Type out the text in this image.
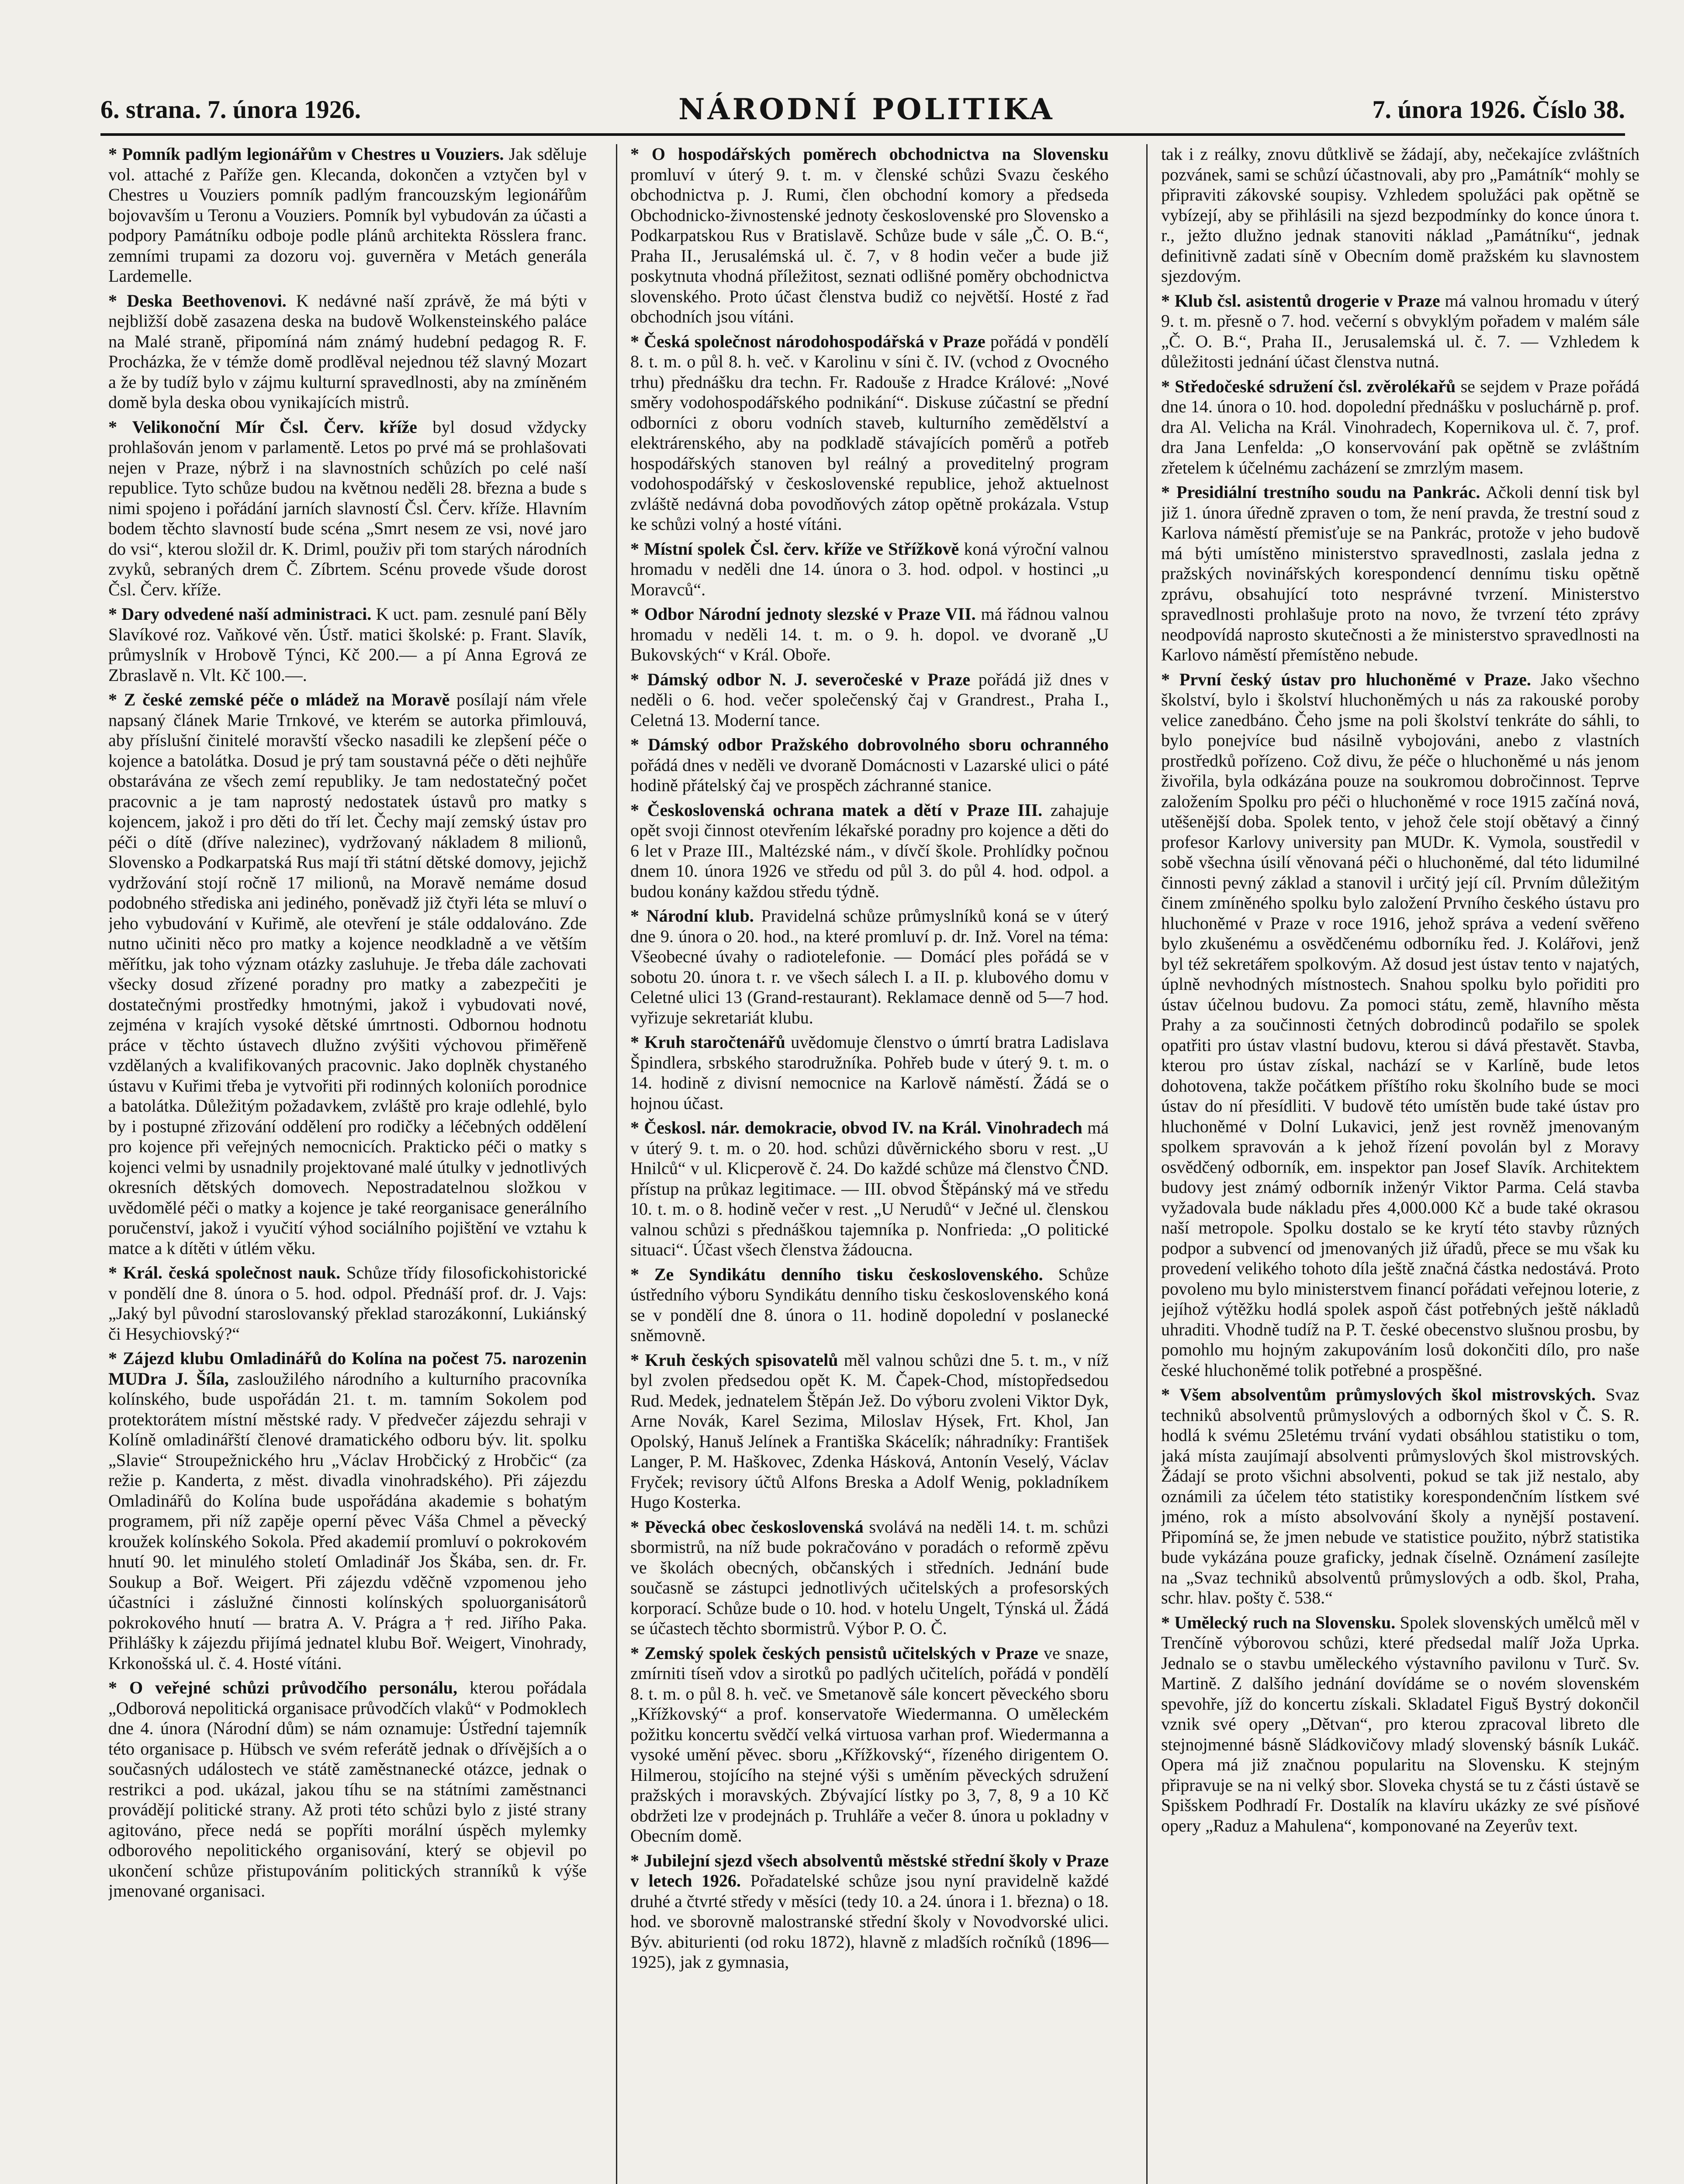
6. strana. 7. února 1926.	NÁRODNÍ POLITIKA	7. února 1926. Číslo 38.

* Pomník padlým legionářům v Chestres u Vouziers. Jak sděluje vol. attaché z Paříže gen. Klecanda, dokončen a vztyčen byl v Chestres u Vouziers pomník padlým francouzským legionářům bojovavším u Teronu a Vouziers. Pomník byl vybudován za účasti a podpory Památníku odboje podle plánů architekta Rösslera franc. zemními trupami za dozoru voj. guverněra v Metách generála Lardemelle.

* Deska Beethovenovi. K nedávné naší zprávě, že má býti v nejbližší době zasazena deska na budově Wolkensteinského paláce na Malé straně, připomíná nám známý hudební pedagog R. F. Procházka, že v témže domě prodlěval nejednou též slavný Mozart a že by tudíž bylo v zájmu kulturní spravedlnosti, aby na zmíněném domě byla deska obou vynikajících mistrů.

* Velikonoční Mír Čsl. Červ. kříže byl dosud vždycky prohlašován jenom v parlamentě. Letos po prvé má se prohlašovati nejen v Praze, nýbrž i na slavnostních schůzích po celé naší republice. Tyto schůze budou na květnou neděli 28. března a bude s nimi spojeno i pořádání jarních slavností Čsl. Červ. kříže. Hlavním bodem těchto slavností bude scéna „Smrt nesem ze vsi, nové jaro do vsi“, kterou složil dr. K. Driml, použiv při tom starých národních zvyků, sebraných drem Č. Zíbrtem. Scénu provede všude dorost Čsl. Červ. kříže.

* Dary odvedené naší administraci. K uct. pam. zesnulé paní Běly Slavíkové roz. Vaňkové věn. Ústř. matici školské: p. Frant. Slavík, průmyslník v Hrobově Týnci, Kč 200.— a pí Anna Egrová ze Zbraslavě n. Vlt. Kč 100.—.

* Z české zemské péče o mládež na Moravě posílají nám vřele napsaný článek Marie Trnkové, ve kterém se autorka přimlouvá, aby příslušní činitelé moravští všecko nasadili ke zlepšení péče o kojence a batolátka. Dosud je prý tam soustavná péče o děti nejhůře obstarávána ze všech zemí republiky. Je tam nedostatečný počet pracovnic a je tam naprostý nedostatek ústavů pro matky s kojencem, jakož i pro děti do tří let. Čechy mají zemský ústav pro péči o dítě (dříve nalezinec), vydržovaný nákladem 8 milionů, Slovensko a Podkarpatská Rus mají tři státní dětské domovy, jejichž vydržování stojí ročně 17 milionů, na Moravě nemáme dosud podobného střediska ani jediného, poněvadž již čtyři léta se mluví o jeho vybudování v Kuřimě, ale otevření je stále oddalováno. Zde nutno učiniti něco pro matky a kojence neodkladně a ve větším měřítku, jak toho význam otázky zasluhuje. Je třeba dále zachovati všecky dosud zřízené poradny pro matky a zabezpečiti je dostatečnými prostředky hmotnými, jakož i vybudovati nové, zejména v krajích vysoké dětské úmrtnosti. Odbornou hodnotu práce v těchto ústavech dlužno zvýšiti výchovou přiměřeně vzdělaných a kvalifikovaných pracovnic. Jako doplněk chystaného ústavu v Kuřimi třeba je vytvořiti při rodinných koloniích porodnice a batolátka. Důležitým požadavkem, zvláště pro kraje odlehlé, bylo by i postupné zřizování oddělení pro rodičky a léčebných oddělení pro kojence při veřejných nemocnicích. Prakticko péči o matky s kojenci velmi by usnadnily projektované malé útulky v jednotlivých okresních dětských domovech. Nepostradatelnou složkou v uvědomělé péči o matky a kojence je také reorganisace generálního poručenství, jakož i vyučití výhod sociálního pojištění ve vztahu k matce a k dítěti v útlém věku.

* Král. česká společnost nauk. Schůze třídy filosofickohistorické v pondělí dne 8. února o 5. hod. odpol. Přednáší prof. dr. J. Vajs: „Jaký byl původní staroslovanský překlad starozákonní, Lukiánský či Hesychiovský?“

* Zájezd klubu Omladinářů do Kolína na počest 75. narozenin MUDra J. Šíla, zasloužilého národního a kulturního pracovníka kolínského, bude uspořádán 21. t. m. tamním Sokolem pod protektorátem místní městské rady. V předvečer zájezdu sehraji v Kolíně omladinářští členové dramatického odboru býv. lit. spolku „Slavie“ Stroupežnického hru „Václav Hrobčický z Hrobčic“ (za režie p. Kanderta, z měst. divadla vinohradského). Při zájezdu Omladinářů do Kolína bude uspořádána akademie s bohatým programem, při níž zapěje operní pěvec Váša Chmel a pěvecký kroužek kolínského Sokola. Před akademií promluví o pokrokovém hnutí 90. let minulého století Omladinář Jos Škába, sen. dr. Fr. Soukup a Boř. Weigert. Při zájezdu vděčně vzpomenou jeho účastníci i záslužné činnosti kolínských spoluorganisátorů pokrokového hnutí — bratra A. V. Prágra a † red. Jiřího Paka. Přihlášky k zájezdu přijímá jednatel klubu Boř. Weigert, Vinohrady, Krkonošská ul. č. 4. Hosté vítáni.

* O veřejné schůzi průvodčího personálu, kterou pořádala „Odborová nepolitická organisace průvodčích vlaků“ v Podmoklech dne 4. února (Národní dům) se nám oznamuje: Ústřední tajemník této organisace p. Hübsch ve svém referátě jednak o dřívějších a o současných událostech ve státě zaměstnanecké otázce, jednak o restrikci a pod. ukázal, jakou tíhu se na státními zaměstnanci provádějí politické strany. Až proti této schůzi bylo z jisté strany agitováno, přece nedá se popříti morální úspěch mylemky odborového nepolitického organisování, který se objevil po ukončení schůze přistupováním politických stranníků k výše jmenované organisaci.

* O hospodářských poměrech obchodnictva na Slovensku promluví v úterý 9. t. m. v členské schůzi Svazu českého obchodnictva p. J. Rumi, člen obchodní komory a předseda Obchodnicko-živnostenské jednoty československé pro Slovensko a Podkarpatskou Rus v Bratislavě. Schůze bude v sále „Č. O. B.“, Praha II., Jerusalémská ul. č. 7, v 8 hodin večer a bude již poskytnuta vhodná příležitost, seznati odlišné poměry obchodnictva slovenského. Proto účast členstva budiž co největší. Hosté z řad obchodních jsou vítáni.

* Česká společnost národohospodářská v Praze pořádá v pondělí 8. t. m. o půl 8. h. več. v Karolinu v síni č. IV. (vchod z Ovocného trhu) přednášku dra techn. Fr. Radouše z Hradce Králové: „Nové směry vodohospodářského podnikání“. Diskuse zúčastní se přední odborníci z oboru vodních staveb, kulturního zemědělství a elektrárenského, aby na podkladě stávajících poměrů a potřeb hospodářských stanoven byl reálný a proveditelný program vodohospodářský v československé republice, jehož aktuelnost zvláště nedávná doba povodňových zátop opětně prokázala. Vstup ke schůzi volný a hosté vítáni.

* Místní spolek Čsl. červ. kříže ve Střížkově koná výroční valnou hromadu v neděli dne 14. února o 3. hod. odpol. v hostinci „u Moravců“.

* Odbor Národní jednoty slezské v Praze VII. má řádnou valnou hromadu v neděli 14. t. m. o 9. h. dopol. ve dvoraně „U Bukovských“ v Král. Oboře.

* Dámský odbor N. J. severočeské v Praze pořádá již dnes v neděli o 6. hod. večer společenský čaj v Grandrest., Praha I., Celetná 13. Moderní tance.

* Dámský odbor Pražského dobrovolného sboru ochranného pořádá dnes v neděli ve dvoraně Domácnosti v Lazarské ulici o páté hodině přátelský čaj ve prospěch záchranné stanice.

* Československá ochrana matek a dětí v Praze III. zahajuje opět svoji činnost otevřením lékařské poradny pro kojence a děti do 6 let v Praze III., Maltézské nám., v dívčí škole. Prohlídky počnou dnem 10. února 1926 ve středu od půl 3. do půl 4. hod. odpol. a budou konány každou středu týdně.

* Národní klub. Pravidelná schůze průmyslníků koná se v úterý dne 9. února o 20. hod., na které promluví p. dr. Inž. Vorel na téma: Všeobecné úvahy o radiotelefonie. — Domácí ples pořádá se v sobotu 20. února t. r. ve všech sálech I. a II. p. klubového domu v Celetné ulici 13 (Grand-restaurant). Reklamace denně od 5—7 hod. vyřizuje sekretariát klubu.

* Kruh staročtenářů uvědomuje členstvo o úmrtí bratra Ladislava Špindlera, srbského starodružníka. Pohřeb bude v úterý 9. t. m. o 14. hodině z divisní nemocnice na Karlově náměstí. Žádá se o hojnou účast.

* Českosl. nár. demokracie, obvod IV. na Král. Vinohradech má v úterý 9. t. m. o 20. hod. schůzi důvěrnického sboru v rest. „U Hnilců“ v ul. Klicperově č. 24. Do každé schůze má členstvo ČND. přístup na průkaz legitimace. — III. obvod Štěpánský má ve středu 10. t. m. o 8. hodině večer v rest. „U Nerudů“ v Ječné ul. členskou valnou schůzi s přednáškou tajemníka p. Nonfrieda: „O politické situaci“. Účast všech členstva žádoucna.

* Ze Syndikátu denního tisku československého. Schůze ústředního výboru Syndikátu denního tisku československého koná se v pondělí dne 8. února o 11. hodině dopolední v poslanecké sněmovně.

* Kruh českých spisovatelů měl valnou schůzi dne 5. t. m., v níž byl zvolen předsedou opět K. M. Čapek-Chod, místopředsedou Rud. Medek, jednatelem Štěpán Jež. Do výboru zvoleni Viktor Dyk, Arne Novák, Karel Sezima, Miloslav Hýsek, Frt. Khol, Jan Opolský, Hanuš Jelínek a Františka Skácelík; náhradníky: František Langer, P. M. Haškovec, Zdenka Hásková, Antonín Veselý, Václav Fryček; revisory účtů Alfons Breska a Adolf Wenig, pokladníkem Hugo Kosterka.

* Pěvecká obec československá svolává na neděli 14. t. m. schůzi sbormistrů, na níž bude pokračováno v poradách o reformě zpěvu ve školách obecných, občanských i středních. Jednání bude současně se zástupci jednotlivých učitelských a profesorských korporací. Schůze bude o 10. hod. v hotelu Ungelt, Týnská ul. Žádá se účastech těchto sbormistrů. Výbor P. O. Č.

* Zemský spolek českých pensistů učitelských v Praze ve snaze, zmírniti tíseň vdov a sirotků po padlých učitelích, pořádá v pondělí 8. t. m. o půl 8. h. več. ve Smetanově sále koncert pěveckého sboru „Křížkovský“ a prof. konservatoře Wiedermanna. O uměleckém požitku koncertu svědčí velká virtuosa varhan prof. Wiedermanna a vysoké umění pěvec. sboru „Křížkovský“, řízeného dirigentem O. Hilmerou, stojícího na stejné výši s uměním pěveckých sdružení pražských i moravských. Zbývající lístky po 3, 7, 8, 9 a 10 Kč obdržeti lze v prodejnách p. Truhláře a večer 8. února u pokladny v Obecním domě.

* Jubilejní sjezd všech absolventů městské střední školy v Praze v letech 1926. Pořadatelské schůze jsou nyní pravidelně každé druhé a čtvrté středy v měsíci (tedy 10. a 24. února i 1. března) o 18. hod. ve sborovně malostranské střední školy v Novodvorské ulici. Býv. abiturienti (od roku 1872), hlavně z mladších ročníků (1896—1925), jak z gymnasia,

tak i z reálky, znovu důtklivě se žádají, aby, nečekajíce zvláštních pozvánek, sami se schůzí účastnovali, aby pro „Památník“ mohly se připraviti zákovské soupisy. Vzhledem spolužáci pak opětně se vybízejí, aby se přihlásili na sjezd bezpodmínky do konce února t. r., ježto dlužno jednak stanoviti náklad „Památníku“, jednak definitivně zadati síně v Obecním domě pražském ku slavnostem sjezdovým.

* Klub čsl. asistentů drogerie v Praze má valnou hromadu v úterý 9. t. m. přesně o 7. hod. večerní s obvyklým pořadem v malém sále „Č. O. B.“, Praha II., Jerusalemská ul. č. 7. — Vzhledem k důležitosti jednání účast členstva nutná.

* Středočeské sdružení čsl. zvěrolékařů se sejdem v Praze pořádá dne 14. února o 10. hod. dopolední přednášku v posluchárně p. prof. dra Al. Velicha na Král. Vinohradech, Kopernikova ul. č. 7, prof. dra Jana Lenfelda: „O konservování pak opětně se zvláštním zřetelem k účelnému zacházení se zmrzlým masem.

* Presidiální trestního soudu na Pankrác. Ačkoli denní tisk byl již 1. února úředně zpraven o tom, že není pravda, že trestní soud z Karlova náměstí přemisťuje se na Pankrác, protože v jeho budově má býti umístěno ministerstvo spravedlnosti, zaslala jedna z pražských novinářských korespondencí dennímu tisku opětně zprávu, obsahující toto nesprávné tvrzení. Ministerstvo spravedlnosti prohlašuje proto na novo, že tvrzení této zprávy neodpovídá naprosto skutečnosti a že ministerstvo spravedlnosti na Karlovo náměstí přemístěno nebude.

* První český ústav pro hluchoněmé v Praze. Jako všechno školství, bylo i školství hluchoněmých u nás za rakouské poroby velice zanedbáno. Čeho jsme na poli školství tenkráte do sáhli, to bylo ponejvíce bud násilně vybojováni, anebo z vlastních prostředků pořízeno. Což divu, že péče o hluchoněmé u nás jenom živořila, byla odkázána pouze na soukromou dobročinnost. Teprve založením Spolku pro péči o hluchoněmé v roce 1915 začíná nová, utěšenější doba. Spolek tento, v jehož čele stojí obětavý a činný profesor Karlovy university pan MUDr. K. Vymola, soustředil v sobě všechna úsilí věnovaná péči o hluchoněmé, dal této lidumilné činnosti pevný základ a stanovil i určitý její cíl. Prvním důležitým činem zmíněného spolku bylo založení Prvního českého ústavu pro hluchoněmé v Praze v roce 1916, jehož správa a vedení svěřeno bylo zkušenému a osvědčenému odborníku řed. J. Kolářovi, jenž byl též sekretářem spolkovým. Až dosud jest ústav tento v najatých, úplně nevhodných místnostech. Snahou spolku bylo pořiditi pro ústav účelnou budovu. Za pomoci státu, země, hlavního města Prahy a za součinnosti četných dobrodinců podařilo se spolek opatřiti pro ústav vlastní budovu, kterou si dává přestavět. Stavba, kterou pro ústav získal, nachází se v Karlíně, bude letos dohotovena, takže počátkem příštího roku školního bude se moci ústav do ní přesídliti. V budově této umístěn bude také ústav pro hluchoněmé v Dolní Lukavici, jenž jest rovněž jmenovaným spolkem spravován a k jehož řízení povolán byl z Moravy osvědčený odborník, em. inspektor pan Josef Slavík. Architektem budovy jest známý odborník inženýr Viktor Parma. Celá stavba vyžadovala bude nákladu přes 4,000.000 Kč a bude také okrasou naší metropole. Spolku dostalo se ke krytí této stavby různých podpor a subvencí od jmenovaných již úřadů, přece se mu však ku provedení velikého tohoto díla ještě značná částka nedostává. Proto povoleno mu bylo ministerstvem financí pořádati veřejnou loterie, z jejíhož výtěžku hodlá spolek aspoň část potřebných ještě nákladů uhraditi. Vhodně tudíž na P. T. české obecenstvo slušnou prosbu, by pomohlo mu hojným zakupováním losů dokončiti dílo, pro naše české hluchoněmé tolik potřebné a prospěšné.

* Všem absolventům průmyslových škol mistrovských. Svaz techniků absolventů průmyslových a odborných škol v Č. S. R. hodlá k svému 25letému trvání vydati obsáhlou statistiku o tom, jaká místa zaujímají absolventi průmyslových škol mistrovských. Žádají se proto všichni absolventi, pokud se tak již nestalo, aby oznámili za účelem této statistiky korespondenčním lístkem své jméno, rok a místo absolvování školy a nynější postavení. Připomíná se, že jmen nebude ve statistice použito, nýbrž statistika bude vykázána pouze graficky, jednak číselně. Oznámení zasílejte na „Svaz techniků absolventů průmyslových a odb. škol, Praha, schr. hlav. pošty č. 538.“

* Umělecký ruch na Slovensku. Spolek slovenských umělců měl v Trenčíně výborovou schůzi, které předsedal malíř Joža Uprka. Jednalo se o stavbu uměleckého výstavního pavilonu v Turč. Sv. Martině. Z dalšího jednání dovídáme se o novém slovenském spevohře, jíž do koncertu získali. Skladatel Figuš Bystrý dokončil vznik své opery „Dětvan“, pro kterou zpracoval libreto dle stejnojmenné básně Sládkovičovy mladý slovenský básník Lukáč. Opera má již značnou popularitu na Slovensku. K stejným připravuje se na ni velký sbor. Sloveka chystá se tu z části ústavě se Spišskem Podhradí Fr. Dostalík na klavíru ukázky ze své písňové opery „Raduz a Mahulena“, komponované na Zeyerův text.
